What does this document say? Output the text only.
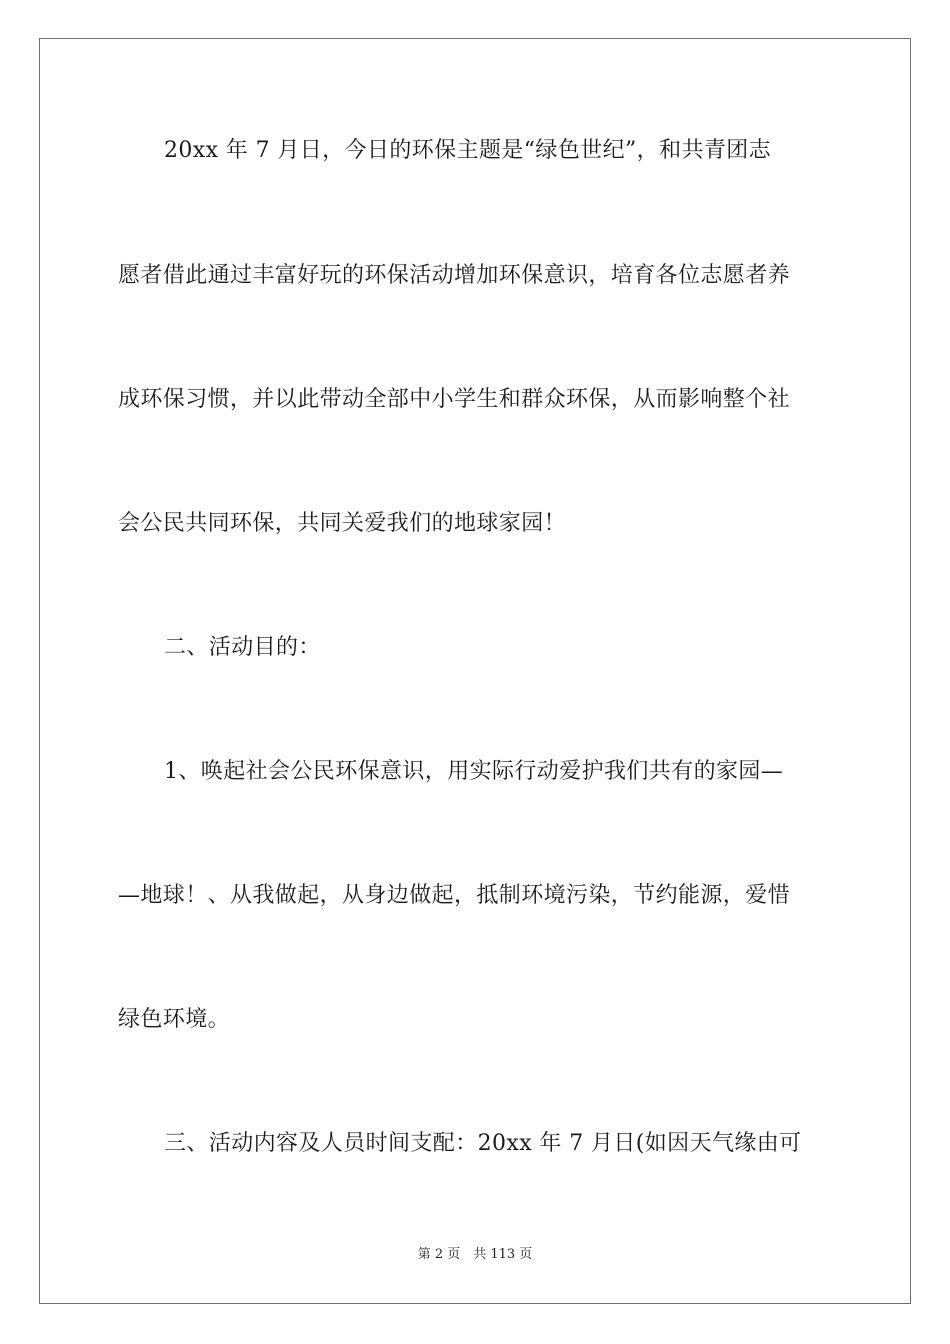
20xx 年 7 月日，今日的环保主题是“绿色世纪”，和共青团志
愿者借此通过丰富好玩的环保活动增加环保意识，培育各位志愿者养
成环保习惯，并以此带动全部中小学生和群众环保，从而影响整个社
会公民共同环保，共同关爱我们的地球家园！
二、活动目的：
1、唤起社会公民环保意识，用实际行动爱护我们共有的家园—
—地球！、从我做起，从身边做起，抵制环境污染，节约能源，爱惜
绿色环境。
三、活动内容及人员时间支配：20xx 年 7 月日(如因天气缘由可
第 2 页　共 113 页
